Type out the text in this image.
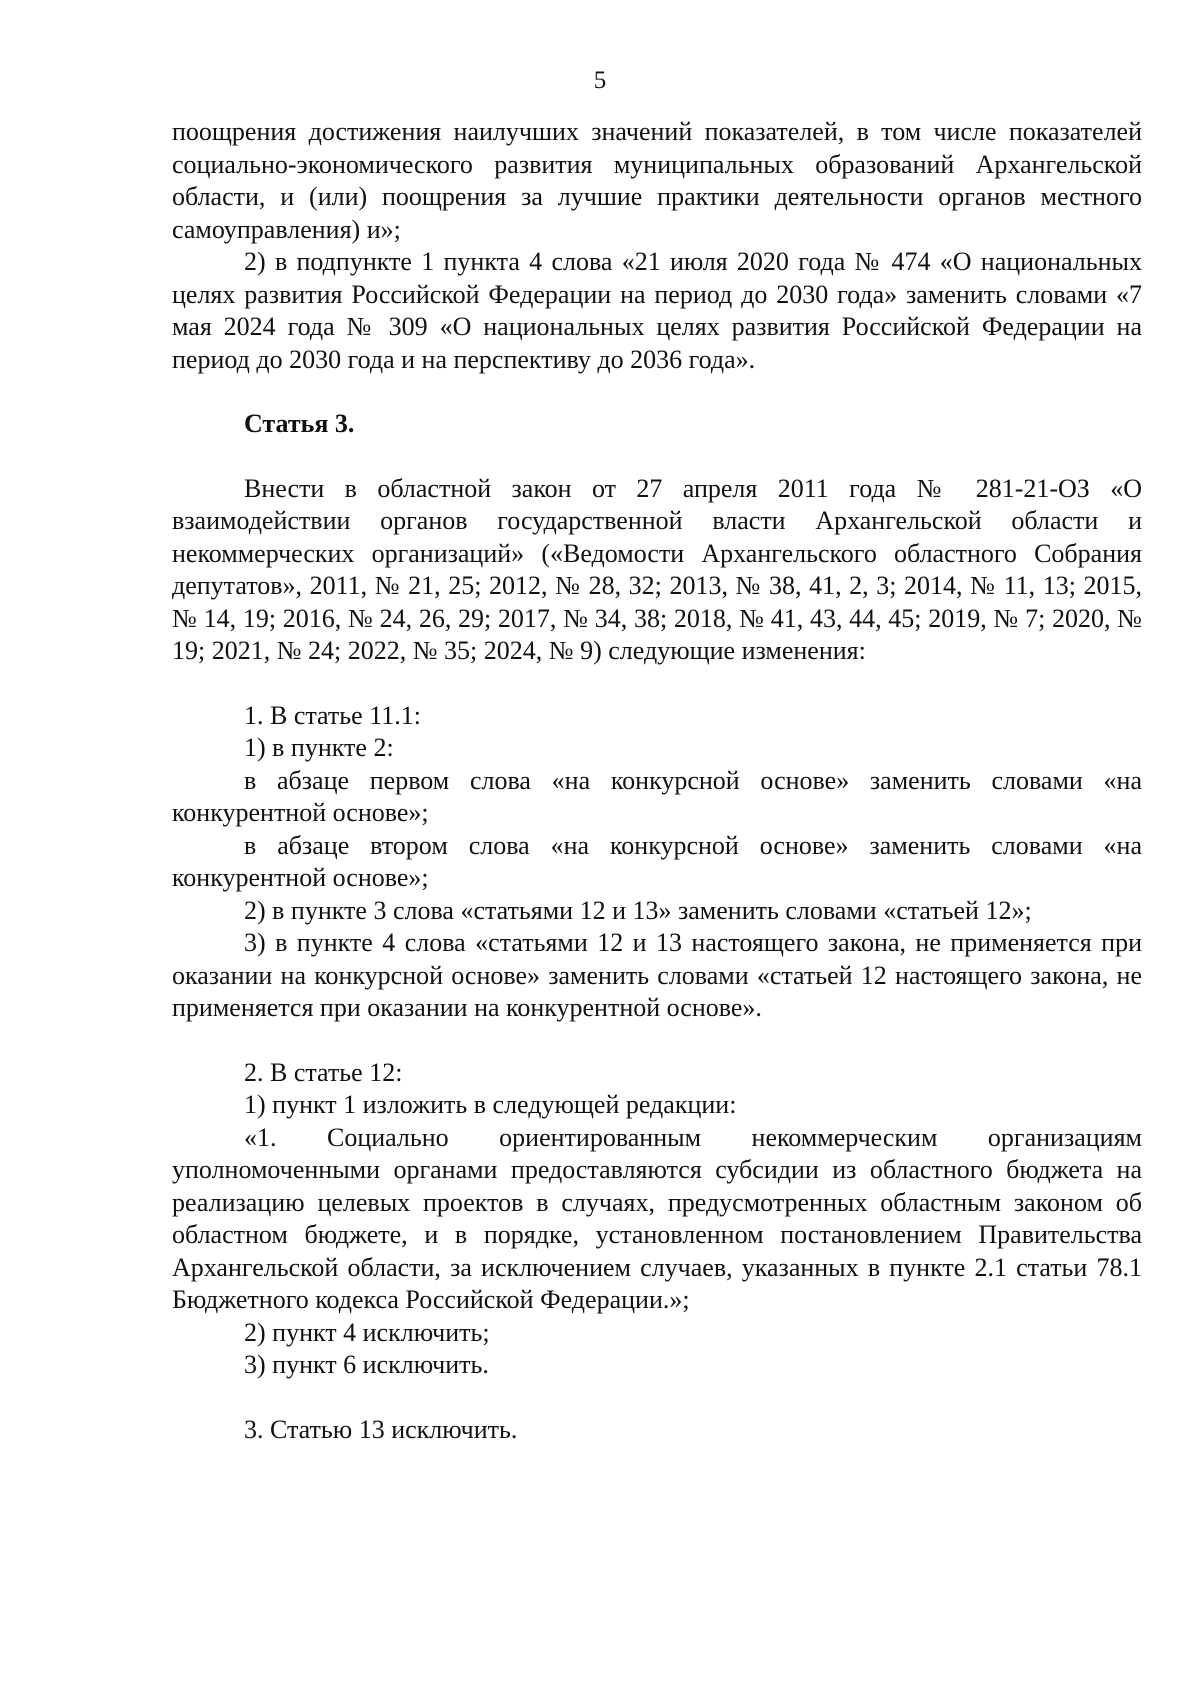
5

поощрения достижения наилучших значений показателей, в том числе показателей социально-экономического развития муниципальных образований Архангельской области, и (или) поощрения за лучшие практики деятельности органов местного самоуправления) и»;

2) в подпункте 1 пункта 4 слова «21 июля 2020 года № 474 «О национальных целях развития Российской Федерации на период до 2030 года» заменить словами «7 мая 2024 года № 309 «О национальных целях развития Российской Федерации на период до 2030 года и на перспективу до 2036 года».

Статья 3.

Внести в областной закон от 27 апреля 2011 года № 281-21-ОЗ «О взаимодействии органов государственной власти Архангельской области и некоммерческих организаций» («Ведомости Архангельского областного Собрания депутатов», 2011, № 21, 25; 2012, № 28, 32; 2013, № 38, 41, 2, 3; 2014, № 11, 13; 2015, № 14, 19; 2016, № 24, 26, 29; 2017, № 34, 38; 2018, № 41, 43, 44, 45; 2019, № 7; 2020, № 19; 2021, № 24; 2022, № 35; 2024, № 9) следующие изменения:

1. В статье 11.1:

1) в пункте 2:

в абзаце первом слова «на конкурсной основе» заменить словами «на конкурентной основе»;

в абзаце втором слова «на конкурсной основе» заменить словами «на конкурентной основе»;

2) в пункте 3 слова «статьями 12 и 13» заменить словами «статьей 12»;

3) в пункте 4 слова «статьями 12 и 13 настоящего закона, не применяется при оказании на конкурсной основе» заменить словами «статьей 12 настоящего закона, не применяется при оказании на конкурентной основе».

2. В статье 12:

1) пункт 1 изложить в следующей редакции:

«1. Социально ориентированным некоммерческим организациям уполномоченными органами предоставляются субсидии из областного бюджета на реализацию целевых проектов в случаях, предусмотренных областным законом об областном бюджете, и в порядке, установленном постановлением Правительства Архангельской области, за исключением случаев, указанных в пункте 2.1 статьи 78.1 Бюджетного кодекса Российской Федерации.»;

2) пункт 4 исключить;

3) пункт 6 исключить.

3. Статью 13 исключить.
